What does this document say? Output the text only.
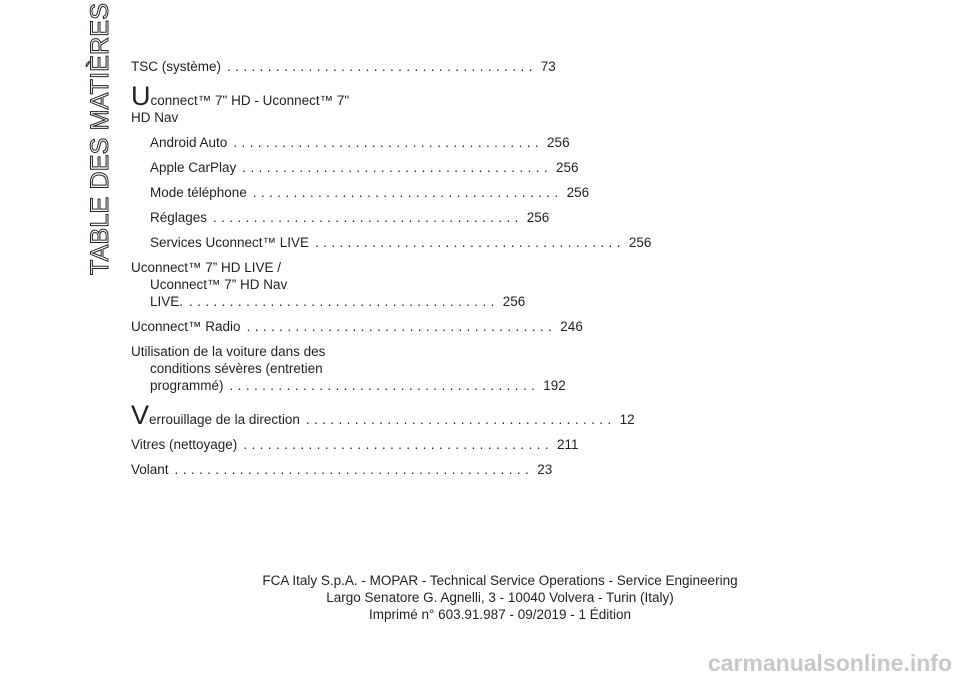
TABLE DES MATIÈRES TSC (système) ...................................... 73
Uconnect™ 7" HD - Uconnect™ 7"
HD Nav
Android Auto ...................................... 256
Apple CarPlay ...................................... 256
Mode téléphone ...................................... 256
Réglages ...................................... 256
Services Uconnect™ LIVE ...................................... 256
Uconnect™ 7” HD LIVE /
Uconnect™ 7” HD Nav
LIVE. ...................................... 256
Uconnect™ Radio ...................................... 246
Utilisation de la voiture dans des
conditions sévères (entretien
programmé) ...................................... 192
Verrouillage de la direction ...................................... 12
Vitres (nettoyage) ...................................... 211
Volant ............................................ 23
FCA Italy S.p.A. - MOPAR - Technical Service Operations - Service Engineering
Largo Senatore G. Agnelli, 3 - 10040 Volvera - Turin (Italy)
Imprimé n° 603.91.987 - 09/2019 - 1 Édition
carmanualsonline.info
